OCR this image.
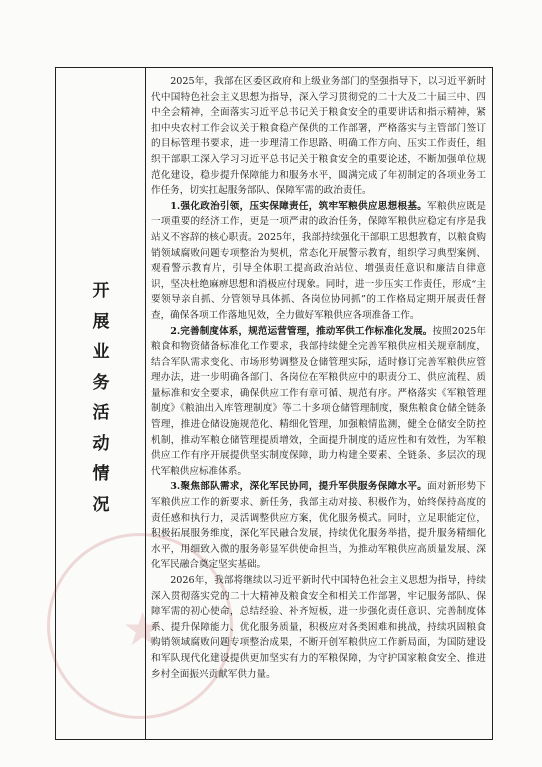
★
开
展
业
务
活
动
情
况

2025年，我部在区委区政府和上级业务部门的坚强指导下，以习近平新时代中国特色社会主义思想为指导，深入学习贯彻党的二十大及二十届三中、四中全会精神，全面落实习近平总书记关于粮食安全的重要讲话和指示精神，紧扣中央农村工作会议关于粮食稳产保供的工作部署，严格落实与主管部门签订的目标管理书要求，进一步理清工作思路、明确工作方向、压实工作责任，组织干部职工深入学习习近平总书记关于粮食安全的重要论述，不断加强单位规范化建设，稳步提升保障能力和服务水平，圆满完成了年初制定的各项业务工作任务，切实扛起服务部队、保障军需的政治责任。

1.强化政治引领，压实保障责任，筑牢军粮供应思想根基。军粮供应既是一项重要的经济工作，更是一项严肃的政治任务，保障军粮供应稳定有序是我站义不容辞的核心职责。2025年，我部持续强化干部职工思想教育，以粮食购销领域腐败问题专项整治为契机，常态化开展警示教育，组织学习典型案例、观看警示教育片，引导全体职工提高政治站位、增强责任意识和廉洁自律意识，坚决杜绝麻痹思想和消极应付现象。同时，进一步压实工作责任，形成“主要领导亲自抓、分管领导具体抓、各岗位协同抓”的工作格局定期开展责任督查，确保各项工作落地见效，全力做好军粮供应各项准备工作。

2.完善制度体系，规范运营管理，推动军供工作标准化发展。按照2025年粮食和物资储备标准化工作要求，我部持续健全完善军粮供应相关规章制度，结合军队需求变化、市场形势调整及仓储管理实际，适时修订完善军粮供应管理办法，进一步明确各部门、各岗位在军粮供应中的职责分工、供应流程、质量标准和安全要求，确保供应工作有章可循、规范有序。严格落实《军粮管理制度》《粮油出入库管理制度》等二十多项仓储管理制度，聚焦粮食仓储全链条管理，推进仓储设施规范化、精细化管理，加强粮情监测，健全仓储安全防控机制，推动军粮仓储管理提质增效，全面提升制度的适应性和有效性，为军粮供应工作有序开展提供坚实制度保障，助力构建全要素、全链条、多层次的现代军粮供应标准体系。

3.聚焦部队需求，深化军民协同，提升军供服务保障水平。面对新形势下军粮供应工作的新要求、新任务，我部主动对接、积极作为，始终保持高度的责任感和执行力，灵活调整供应方案，优化服务模式。同时，立足职能定位，积极拓展服务维度，深化军民融合发展，持续优化服务举措，提升服务精细化水平，用细致入微的服务彰显军供使命担当，为推动军粮供应高质量发展、深化军民融合奠定坚实基础。

2026年，我部将继续以习近平新时代中国特色社会主义思想为指导，持续深入贯彻落实党的二十大精神及粮食安全和相关工作部署，牢记服务部队、保障军需的初心使命，总结经验、补齐短板，进一步强化责任意识、完善制度体系、提升保障能力、优化服务质量，积极应对各类困难和挑战，持续巩固粮食购销领域腐败问题专项整治成果，不断开创军粮供应工作新局面，为国防建设和军队现代化建设提供更加坚实有力的军粮保障，为守护国家粮食安全、推进乡村全面振兴贡献军供力量。
